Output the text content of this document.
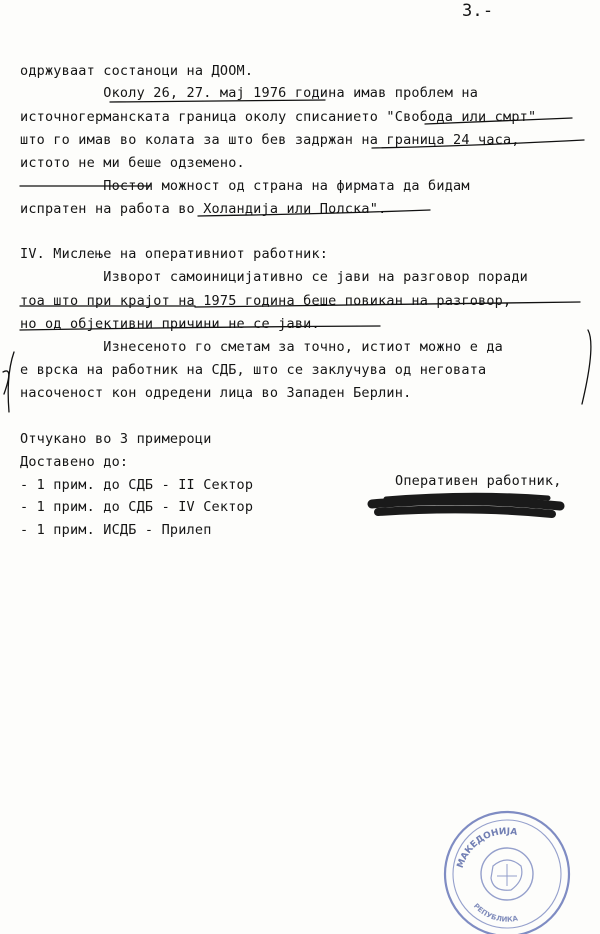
3.-
одржуваат состаноци на ДООМ.
Околу 26, 27. мај 1976 година имав проблем на
источногерманската граница околу списанието "Свобода или смрт"
што го имав во колата за што бев задржан на граница 24 часа,
истото не ми беше одземено.
Постои можност од страна на фирмата да бидам
испратен на работа во Холандија или Полска".
IV. Мислење на оперативниот работник:
Изворот самоиницијативно се јави на разговор поради
тоа што при крајот на 1975 година беше повикан на разговор,
но од објективни причини не се јави.
Изнесеното го сметам за точно, истиот можно е да
е врска на работник на СДБ, што се заклучува од неговата
насоченост кон одредени лица во Западен Берлин.
Отчукано во 3 примероци
Доставено до:
- 1 прим. до СДБ - II Сектор
- 1 прим. до СДБ - IV Сектор
- 1 прим. ИСДБ - Прилеп
Оперативен работник,
МАКЕДОНИЈА
РЕПУБЛИКА
